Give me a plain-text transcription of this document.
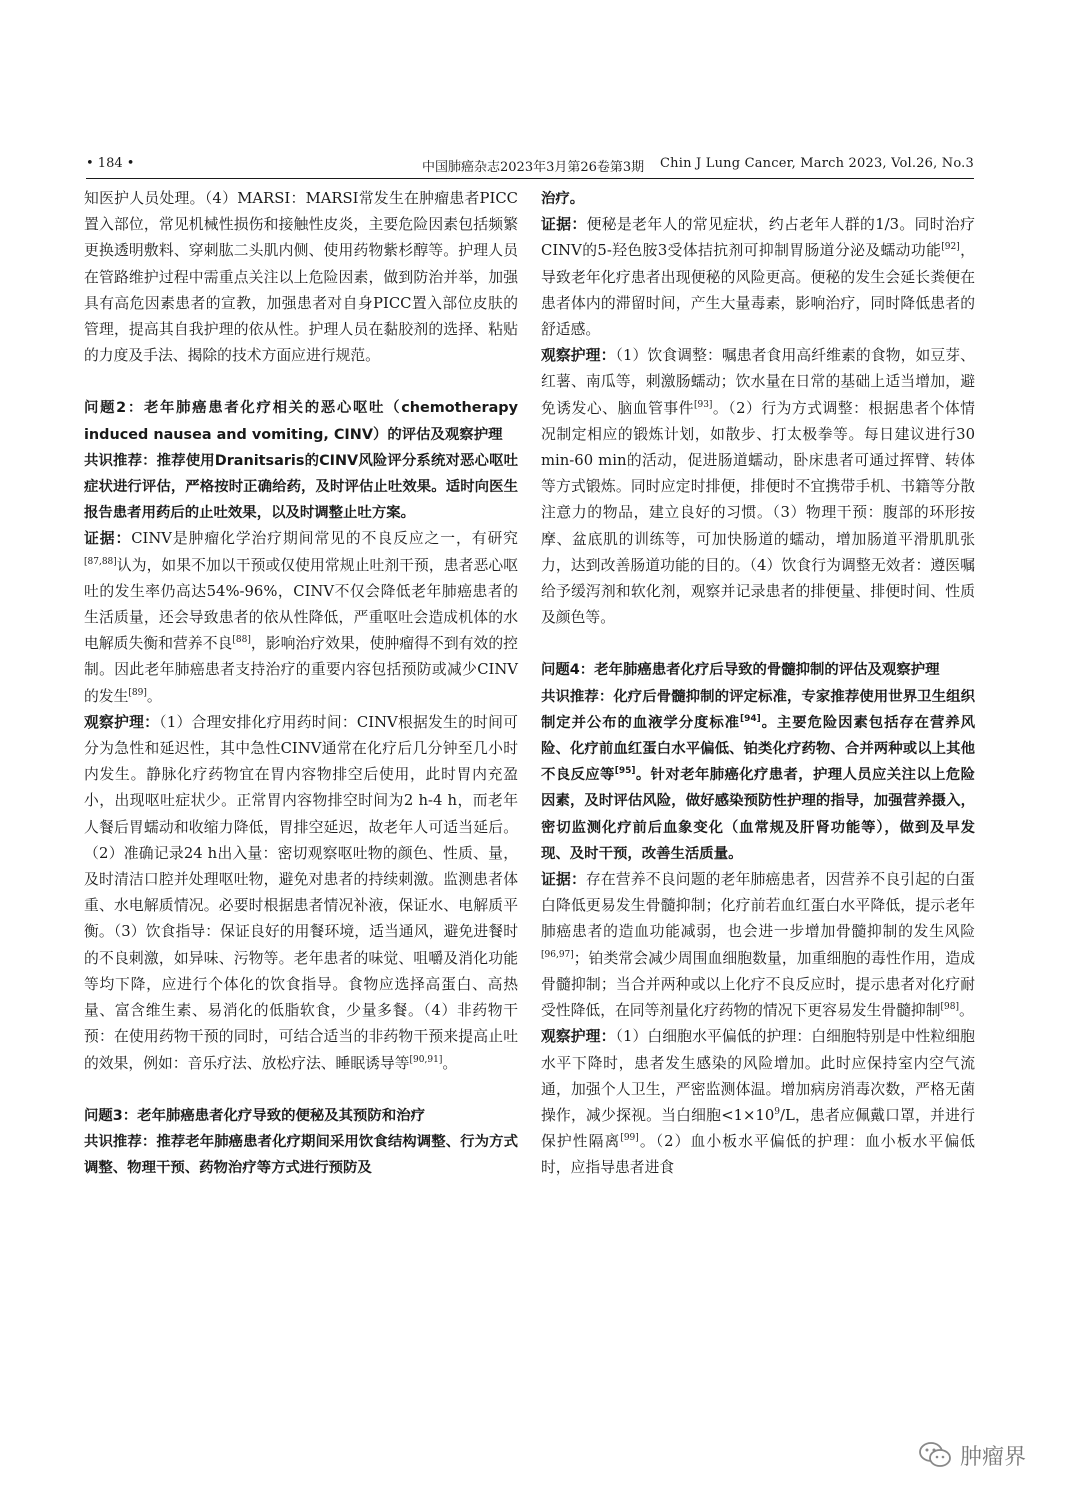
• 184 •	中国肺癌杂志2023年3月第26卷第3期 Chin J Lung Cancer, March 2023, Vol.26, No.3

知医护人员处理。（4）MARSI：MARSI常发生在肿瘤患者PICC置入部位，常见机械性损伤和接触性皮炎，主要危险因素包括频繁更换透明敷料、穿刺肱二头肌内侧、使用药物紫杉醇等。护理人员在管路维护过程中需重点关注以上危险因素，做到防治并举，加强具有高危因素患者的宣教，加强患者对自身PICC置入部位皮肤的管理，提高其自我护理的依从性。护理人员在黏胶剂的选择、粘贴的力度及手法、揭除的技术方面应进行规范。

问题2：老年肺癌患者化疗相关的恶心呕吐（chemotherapy induced nausea and vomiting, CINV）的评估及观察护理

共识推荐：推荐使用Dranitsaris的CINV风险评分系统对恶心呕吐症状进行评估，严格按时正确给药，及时评估止吐效果。适时向医生报告患者用药后的止吐效果，以及时调整止吐方案。

证据：CINV是肿瘤化学治疗期间常见的不良反应之一，有研究[87,88]认为，如果不加以干预或仅使用常规止吐剂干预，患者恶心呕吐的发生率仍高达54%-96%，CINV不仅会降低老年肺癌患者的生活质量，还会导致患者的依从性降低，严重呕吐会造成机体的水电解质失衡和营养不良[88]，影响治疗效果，使肿瘤得不到有效的控制。因此老年肺癌患者支持治疗的重要内容包括预防或减少CINV的发生[89]。

观察护理：（1）合理安排化疗用药时间：CINV根据发生的时间可分为急性和延迟性，其中急性CINV通常在化疗后几分钟至几小时内发生。静脉化疗药物宜在胃内容物排空后使用，此时胃内充盈小，出现呕吐症状少。正常胃内容物排空时间为2 h-4 h，而老年人餐后胃蠕动和收缩力降低，胃排空延迟，故老年人可适当延后。（2）准确记录24 h出入量：密切观察呕吐物的颜色、性质、量，及时清洁口腔并处理呕吐物，避免对患者的持续刺激。监测患者体重、水电解质情况。必要时根据患者情况补液，保证水、电解质平衡。（3）饮食指导：保证良好的用餐环境，适当通风，避免进餐时的不良刺激，如异味、污物等。老年患者的味觉、咀嚼及消化功能等均下降，应进行个体化的饮食指导。食物应选择高蛋白、高热量、富含维生素、易消化的低脂软食，少量多餐。（4）非药物干预：在使用药物干预的同时，可结合适当的非药物干预来提高止吐的效果，例如：音乐疗法、放松疗法、睡眠诱导等[90,91]。

问题3：老年肺癌患者化疗导致的便秘及其预防和治疗

共识推荐：推荐老年肺癌患者化疗期间采用饮食结构调整、行为方式调整、物理干预、药物治疗等方式进行预防及

治疗。

证据：便秘是老年人的常见症状，约占老年人群的1/3。同时治疗CINV的5-羟色胺3受体拮抗剂可抑制胃肠道分泌及蠕动功能[92]，导致老年化疗患者出现便秘的风险更高。便秘的发生会延长粪便在患者体内的滞留时间，产生大量毒素，影响治疗，同时降低患者的舒适感。

观察护理：（1）饮食调整：嘱患者食用高纤维素的食物，如豆芽、红薯、南瓜等，刺激肠蠕动；饮水量在日常的基础上适当增加，避免诱发心、脑血管事件[93]。（2）行为方式调整：根据患者个体情况制定相应的锻炼计划，如散步、打太极拳等。每日建议进行30 min-60 min的活动，促进肠道蠕动，卧床患者可通过挥臂、转体等方式锻炼。同时应定时排便，排便时不宜携带手机、书籍等分散注意力的物品，建立良好的习惯。（3）物理干预：腹部的环形按摩、盆底肌的训练等，可加快肠道的蠕动，增加肠道平滑肌肌张力，达到改善肠道功能的目的。（4）饮食行为调整无效者：遵医嘱给予缓泻剂和软化剂，观察并记录患者的排便量、排便时间、性质及颜色等。

问题4：老年肺癌患者化疗后导致的骨髓抑制的评估及观察护理

共识推荐：化疗后骨髓抑制的评定标准，专家推荐使用世界卫生组织制定并公布的血液学分度标准[94]。主要危险因素包括存在营养风险、化疗前血红蛋白水平偏低、铂类化疗药物、合并两种或以上其他不良反应等[95]。针对老年肺癌化疗患者，护理人员应关注以上危险因素，及时评估风险，做好感染预防性护理的指导，加强营养摄入，密切监测化疗前后血象变化（血常规及肝肾功能等），做到及早发现、及时干预，改善生活质量。

证据：存在营养不良问题的老年肺癌患者，因营养不良引起的白蛋白降低更易发生骨髓抑制；化疗前若血红蛋白水平降低，提示老年肺癌患者的造血功能减弱，也会进一步增加骨髓抑制的发生风险[96,97]；铂类常会减少周围血细胞数量，加重细胞的毒性作用，造成骨髓抑制；当合并两种或以上化疗不良反应时，提示患者对化疗耐受性降低，在同等剂量化疗药物的情况下更容易发生骨髓抑制[98]。

观察护理：（1）白细胞水平偏低的护理：白细胞特别是中性粒细胞水平下降时，患者发生感染的风险增加。此时应保持室内空气流通，加强个人卫生，严密监测体温。增加病房消毒次数，严格无菌操作，减少探视。当白细胞$<1\times 10^9/L$，患者应佩戴口罩，并进行保护性隔离[99]。（2）血小板水平偏低的护理：血小板水平偏低时，应指导患者进食

肿瘤界
